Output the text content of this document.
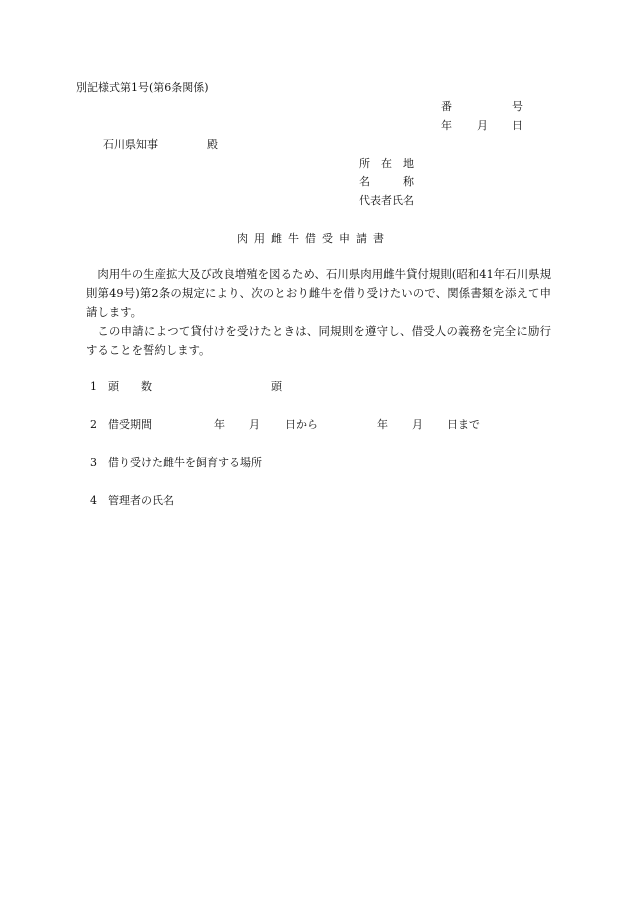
別記様式第1号(第6条関係)
番	号
年 月 日
石川県知事	殿
所　在　地
名　　　称
代表者氏名
肉用雌牛借受申請書
肉用牛の生産拡大及び改良増殖を図るため、石川県肉用雌牛貸付規則(昭和41年石川県規則第49号)第2条の規定により、次のとおり雌牛を借り受けたいので、関係書類を添えて申請します。
この申請によつて貸付けを受けたときは、同規則を遵守し、借受人の義務を完全に励行することを誓約します。
1 頭　　数	頭
2 借受期間	年 月 日から	年 月 日まで
3 借り受けた雌牛を飼育する場所
4 管理者の氏名
